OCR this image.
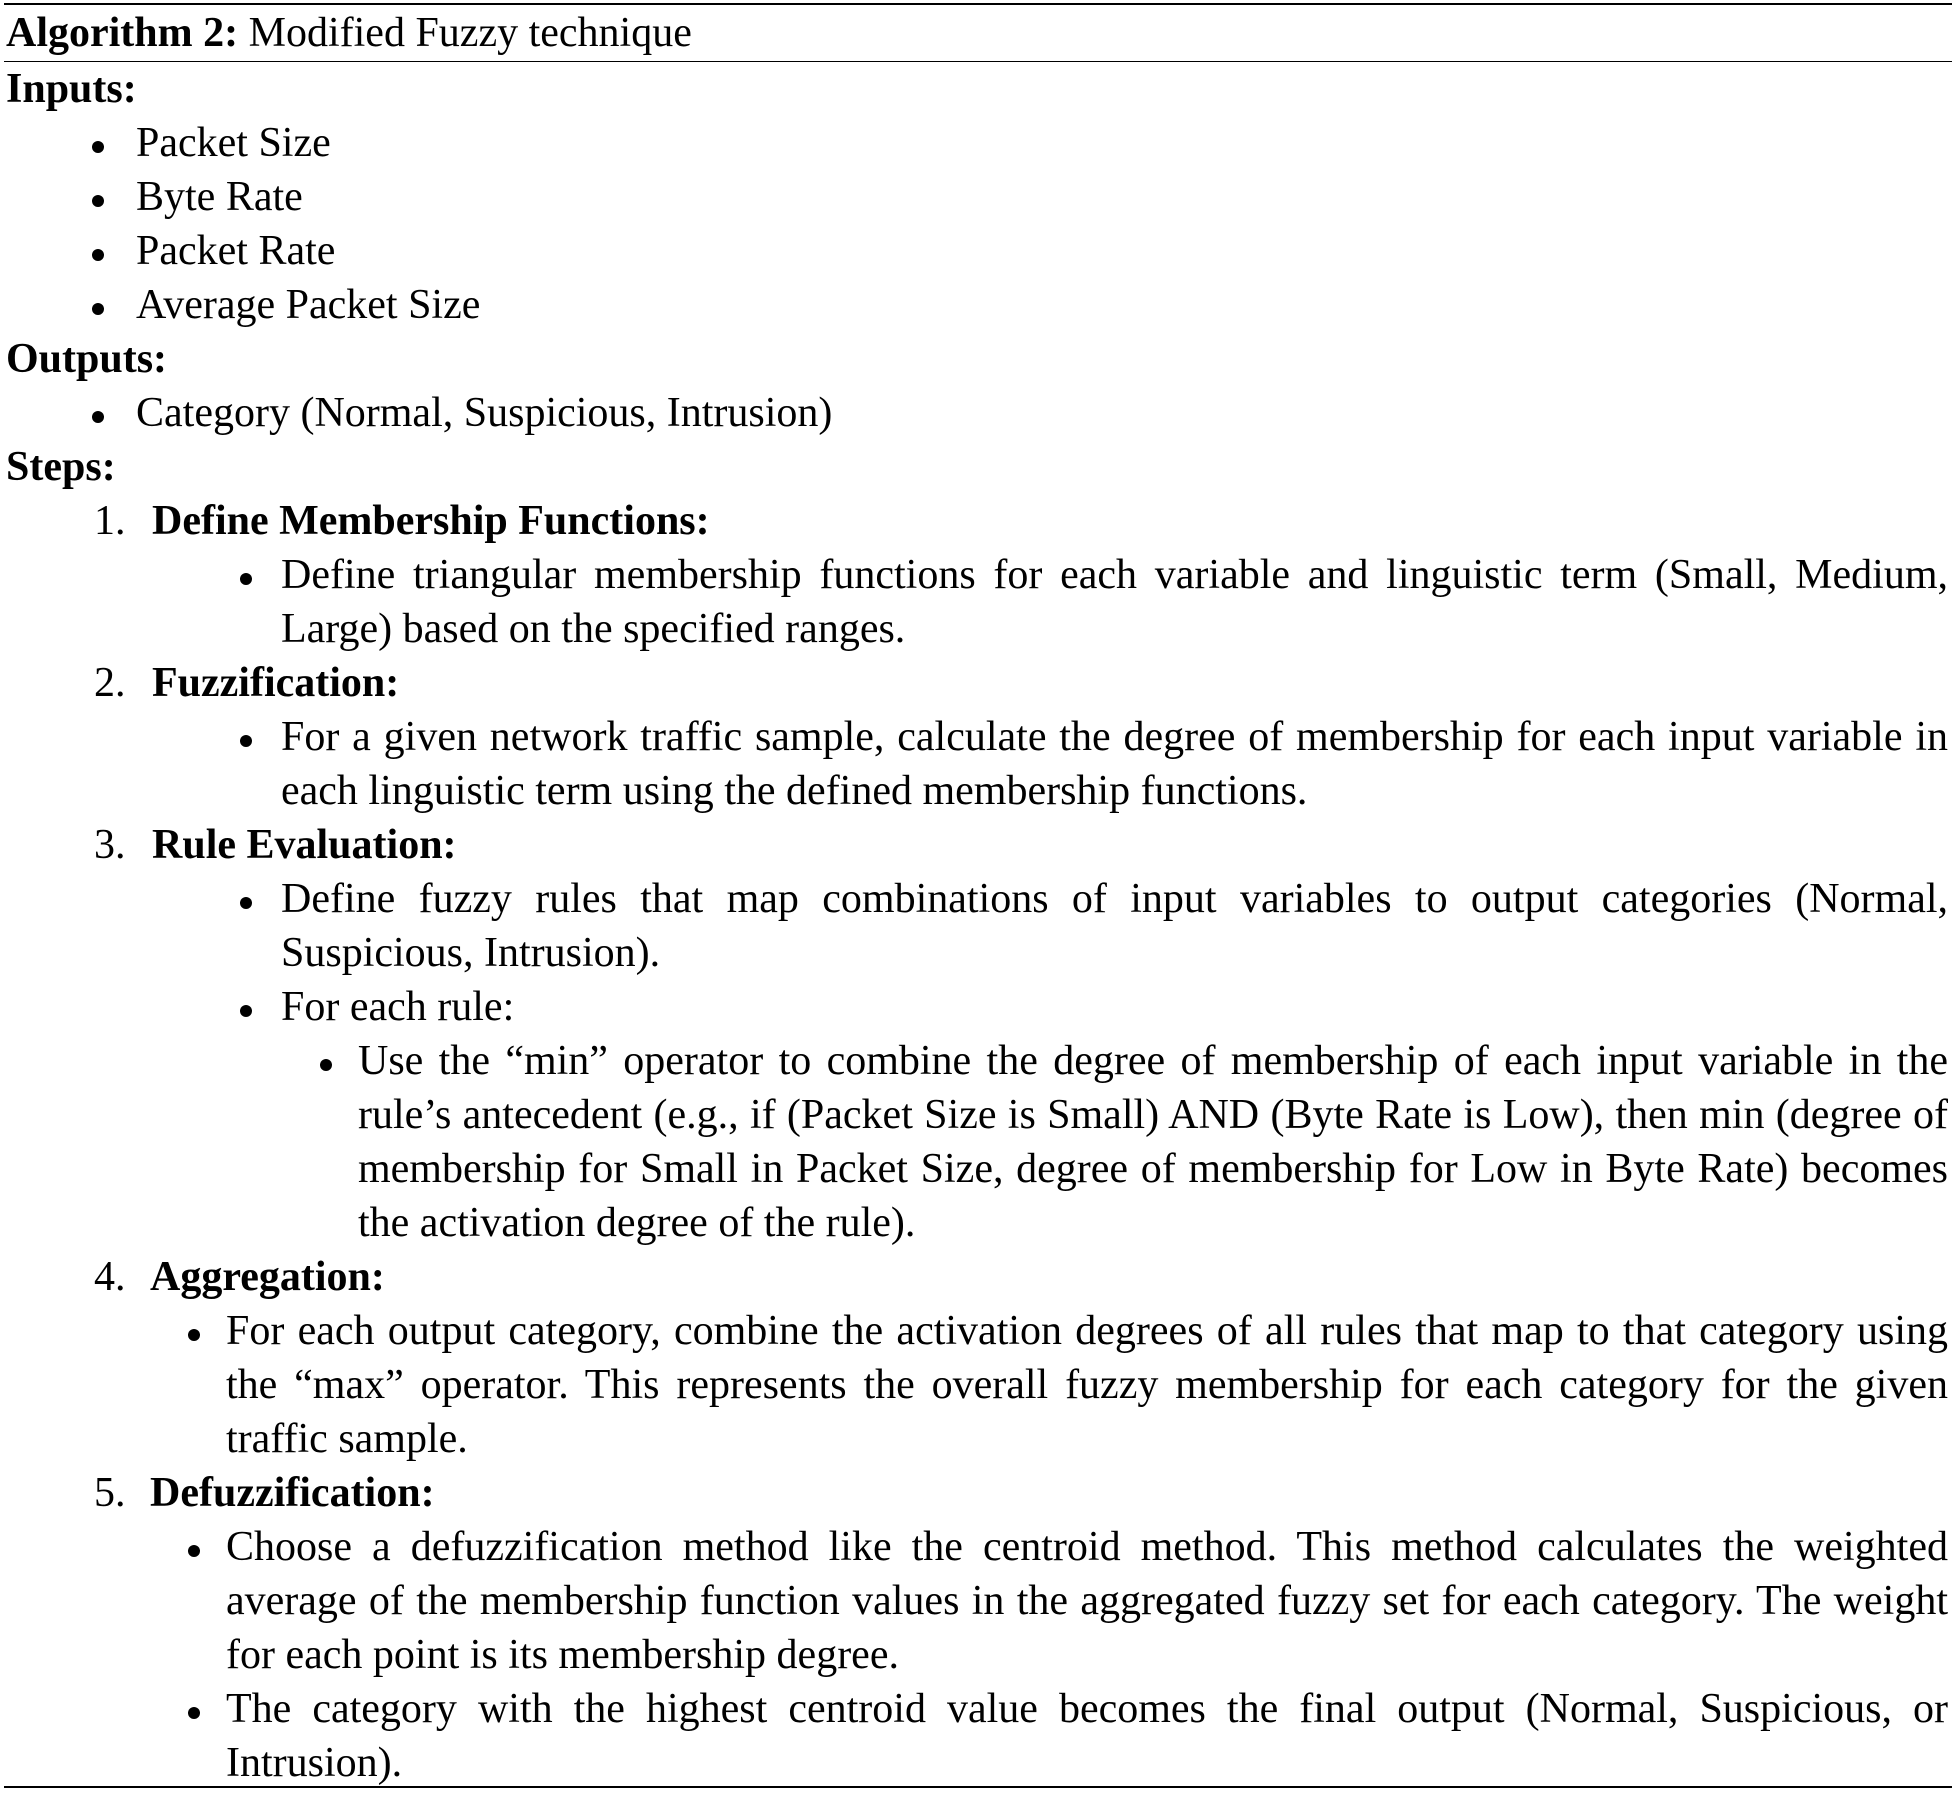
Algorithm 2: Modified Fuzzy technique
Inputs:
Packet Size
Byte Rate
Packet Rate
Average Packet Size
Outputs:
Category (Normal, Suspicious, Intrusion)
Steps:
1. Define Membership Functions:
Define triangular membership functions for each variable and linguistic term (Small, Medium, Large) based on the specified ranges.
2. Fuzzification:
For a given network traffic sample, calculate the degree of membership for each input variable in each linguistic term using the defined membership functions.
3. Rule Evaluation:
Define fuzzy rules that map combinations of input variables to output categories (Normal, Suspicious, Intrusion).
For each rule:
Use the “min” operator to combine the degree of membership of each input variable in the rule’s antecedent (e.g., if (Packet Size is Small) AND (Byte Rate is Low), then min (degree of membership for Small in Packet Size, degree of membership for Low in Byte Rate) becomes the activation degree of the rule).
4. Aggregation:
For each output category, combine the activation degrees of all rules that map to that category using the “max” operator. This represents the overall fuzzy membership for each category for the given traffic sample.
5. Defuzzification:
Choose a defuzzification method like the centroid method. This method calculates the weighted average of the membership function values in the aggregated fuzzy set for each category. The weight for each point is its membership degree.
The category with the highest centroid value becomes the final output (Normal, Suspicious, or Intrusion).
